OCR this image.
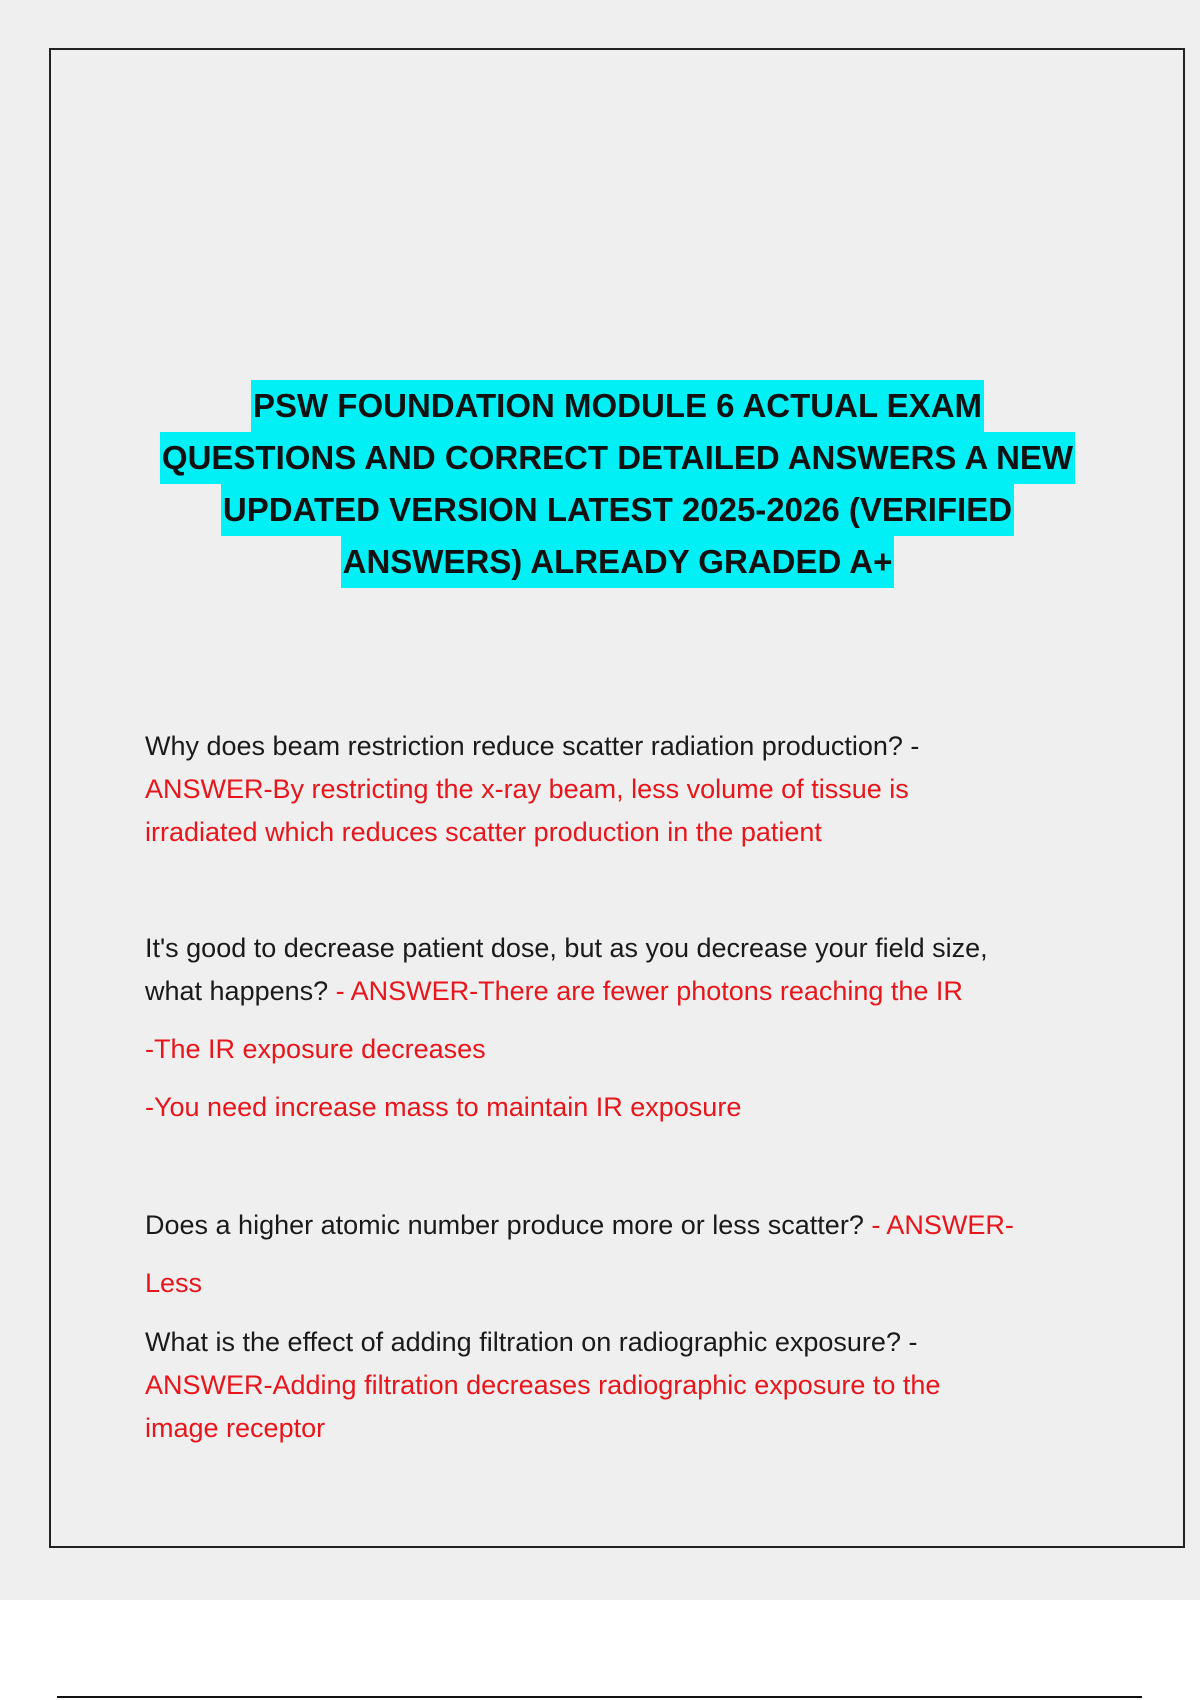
PSW FOUNDATION MODULE 6 ACTUAL EXAM
QUESTIONS AND CORRECT DETAILED ANSWERS A NEW
UPDATED VERSION LATEST 2025-2026 (VERIFIED
ANSWERS) ALREADY GRADED A+

Why does beam restriction reduce scatter radiation production? -

ANSWER-By restricting the x-ray beam, less volume of tissue is

irradiated which reduces scatter production in the patient

It's good to decrease patient dose, but as you decrease your field size,

what happens? - ANSWER-There are fewer photons reaching the IR

-The IR exposure decreases

-You need increase mass to maintain IR exposure

Does a higher atomic number produce more or less scatter? - ANSWER-

Less

What is the effect of adding filtration on radiographic exposure? -

ANSWER-Adding filtration decreases radiographic exposure to the

image receptor
